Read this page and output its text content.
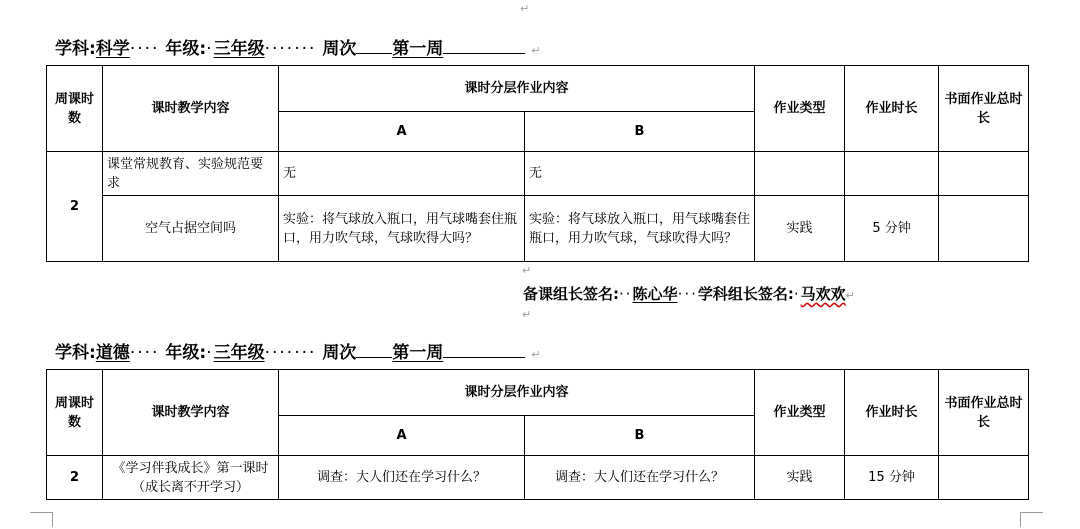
↵
学科:科学···· 年级:·三年级······· 周次 第一周	↵
周课时数	课时教学内容	课时分层作业内容		作业类型	作业时长	书面作业总时长
		A	B			
2	课堂常规教育、实验规范要求	无	无			
	空气占据空间吗	实验：将气球放入瓶口，用气球嘴套住瓶口，用力吹气球，气球吹得大吗？	实验：将气球放入瓶口，用气球嘴套住瓶口，用力吹气球，气球吹得大吗？	实践	5 分钟	
↵
备课组长签名:··陈心华···学科组长签名:·马欢欢↵
↵
学科:道德···· 年级:·三年级······· 周次 第一周	↵
周课时数	课时教学内容	课时分层作业内容		作业类型	作业时长	书面作业总时长
		A	B			
2	《学习伴我成长》第一课时（成长离不开学习）	调查：大人们还在学习什么？	调查：大人们还在学习什么？	实践	15 分钟	
